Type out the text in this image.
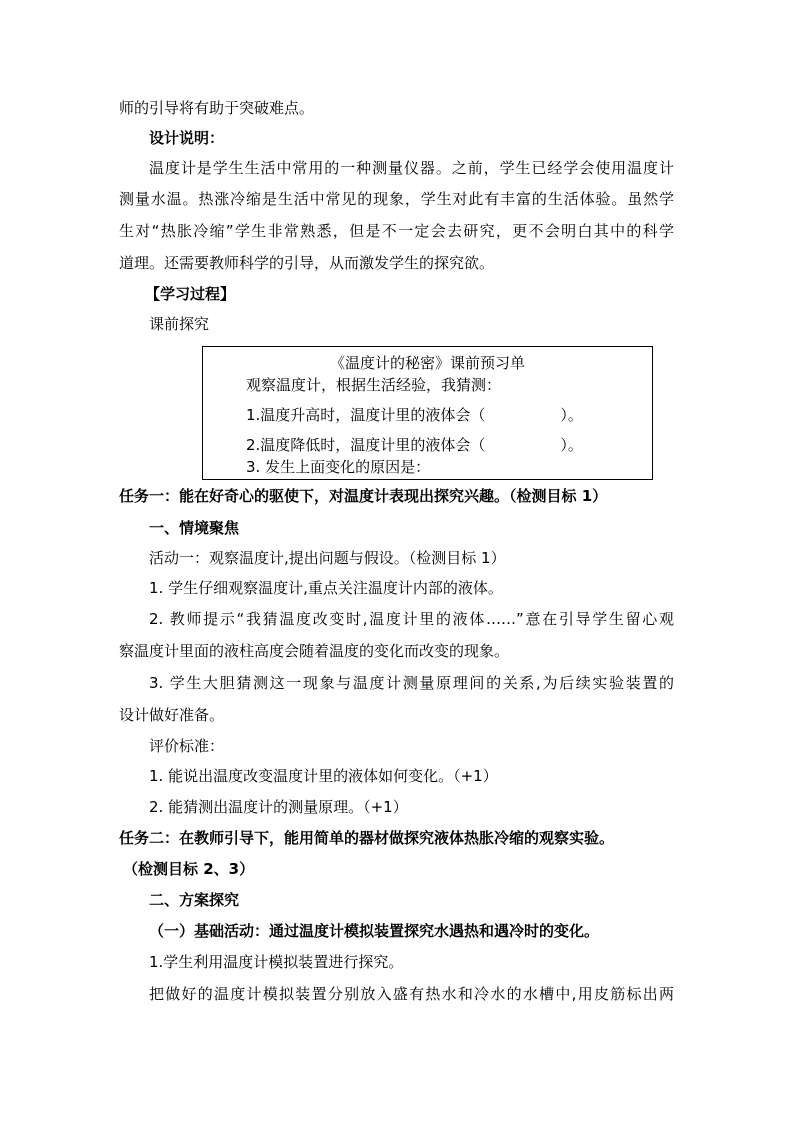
师的引导将有助于突破难点。
设计说明：
温度计是学生生活中常用的一种测量仪器。之前，学生已经学会使用温度计
测量水温。热涨冷缩是生活中常见的现象，学生对此有丰富的生活体验。虽然学
生对“热胀冷缩”学生非常熟悉，但是不一定会去研究，更不会明白其中的科学
道理。还需要教师科学的引导，从而激发学生的探究欲。
【学习过程】
课前探究
《温度计的秘密》课前预习单
观察温度计，根据生活经验，我猜测：
1.温度升高时，温度计里的液体会（　　　　　）。
2.温度降低时，温度计里的液体会（　　　　　）。
3. 发生上面变化的原因是：
任务一：能在好奇心的驱使下，对温度计表现出探究兴趣。（检测目标 1）
一、情境聚焦
活动一：观察温度计,提出问题与假设。（检测目标 1）
1. 学生仔细观察温度计,重点关注温度计内部的液体。
2. 教师提示“我猜温度改变时,温度计里的液体……”意在引导学生留心观
察温度计里面的液柱高度会随着温度的变化而改变的现象。
3. 学生大胆猜测这一现象与温度计测量原理间的关系,为后续实验装置的
设计做好准备。
评价标准：
1. 能说出温度改变温度计里的液体如何变化。（+1）
2. 能猜测出温度计的测量原理。（+1）
任务二：在教师引导下，能用简单的器材做探究液体热胀冷缩的观察实验。
（检测目标 2、3）
二、方案探究
（一）基础活动：通过温度计模拟装置探究水遇热和遇冷时的变化。
1.学生利用温度计模拟装置进行探究。
把做好的温度计模拟装置分别放入盛有热水和冷水的水槽中,用皮筋标出两
